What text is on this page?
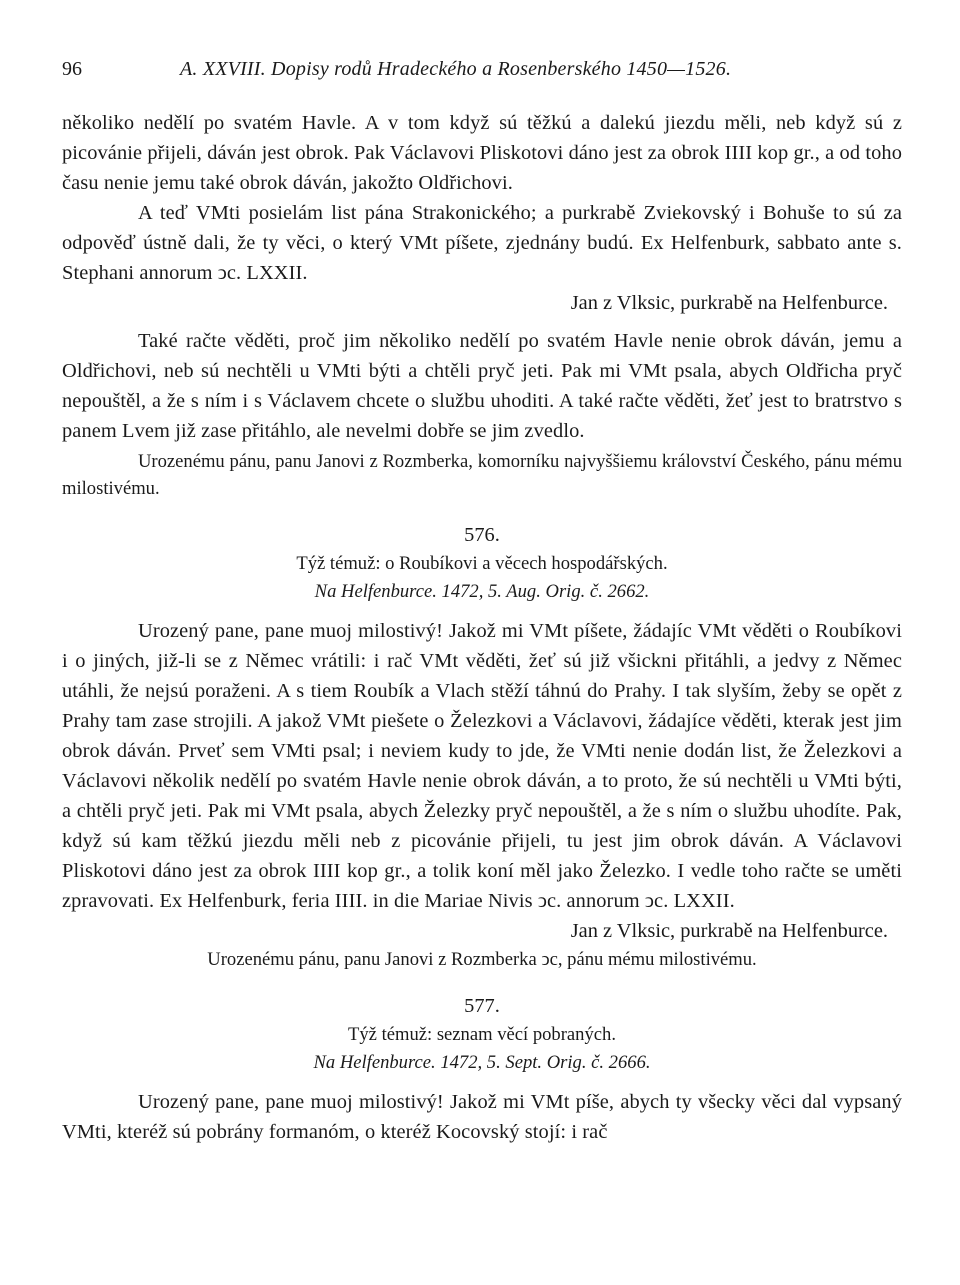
96	A. XXVIII. Dopisy rodů Hradeckého a Rosenberského 1450—1526.

několiko nedělí po svatém Havle. A v tom když sú těžkú a dalekú jiezdu měli, neb když sú z picovánie přijeli, dáván jest obrok. Pak Václavovi Pliskotovi dáno jest za obrok IIII kop gr., a od toho času nenie jemu také obrok dáván, jakožto Oldřichovi.

A teď VMti posielám list pána Strakonického; a purkrabě Zviekovský i Bohuše to sú za odpověď ústně dali, že ty věci, o který VMt píšete, zjednány budú. Ex Helfenburk, sabbato ante s. Stephani annorum ↄc. LXXII.

Jan z Vlksic, purkrabě na Helfenburce.

Také račte věděti, proč jim několiko nedělí po svatém Havle nenie obrok dáván, jemu a Oldřichovi, neb sú nechtěli u VMti býti a chtěli pryč jeti. Pak mi VMt psala, abych Oldřicha pryč nepouštěl, a že s ním i s Václavem chcete o službu uhoditi. A také račte věděti, žeť jest to bratrstvo s panem Lvem již zase přitáhlo, ale nevelmi dobře se jim zvedlo.

Urozenému pánu, panu Janovi z Rozmberka, komorníku najvyššiemu království Českého, pánu mému milostivému.

576.

Týž témuž: o Roubíkovi a věcech hospodářských.

Na Helfenburce. 1472, 5. Aug. Orig. č. 2662.

Urozený pane, pane muoj milostivý! Jakož mi VMt píšete, žádajíc VMt věděti o Roubíkovi i o jiných, již-li se z Němec vrátili: i rač VMt věděti, žeť sú již všickni přitáhli, a jedvy z Němec utáhli, že nejsú poraženi. A s tiem Roubík a Vlach stěží táhnú do Prahy. I tak slyším, žeby se opět z Prahy tam zase strojili. A jakož VMt piešete o Železkovi a Václavovi, žádajíce věděti, kterak jest jim obrok dáván. Prveť sem VMti psal; i neviem kudy to jde, že VMti nenie dodán list, že Železkovi a Václavovi několik nedělí po svatém Havle nenie obrok dáván, a to proto, že sú nechtěli u VMti býti, a chtěli pryč jeti. Pak mi VMt psala, abych Železky pryč nepouštěl, a že s ním o službu uhodíte. Pak, když sú kam těžkú jiezdu měli neb z picovánie přijeli, tu jest jim obrok dáván. A Václavovi Pliskotovi dáno jest za obrok IIII kop gr., a tolik koní měl jako Železko. I vedle toho račte se uměti zpravovati. Ex Helfenburk, feria IIII. in die Mariae Nivis ↄc. annorum ↄc. LXXII.

Jan z Vlksic, purkrabě na Helfenburce.

Urozenému pánu, panu Janovi z Rozmberka ↄc, pánu mému milostivému.

577.

Týž témuž: seznam věcí pobraných.

Na Helfenburce. 1472, 5. Sept. Orig. č. 2666.

Urozený pane, pane muoj milostivý! Jakož mi VMt píše, abych ty všecky věci dal vypsaný VMti, kteréž sú pobrány formanóm, o kteréž Kocovský stojí: i rač
